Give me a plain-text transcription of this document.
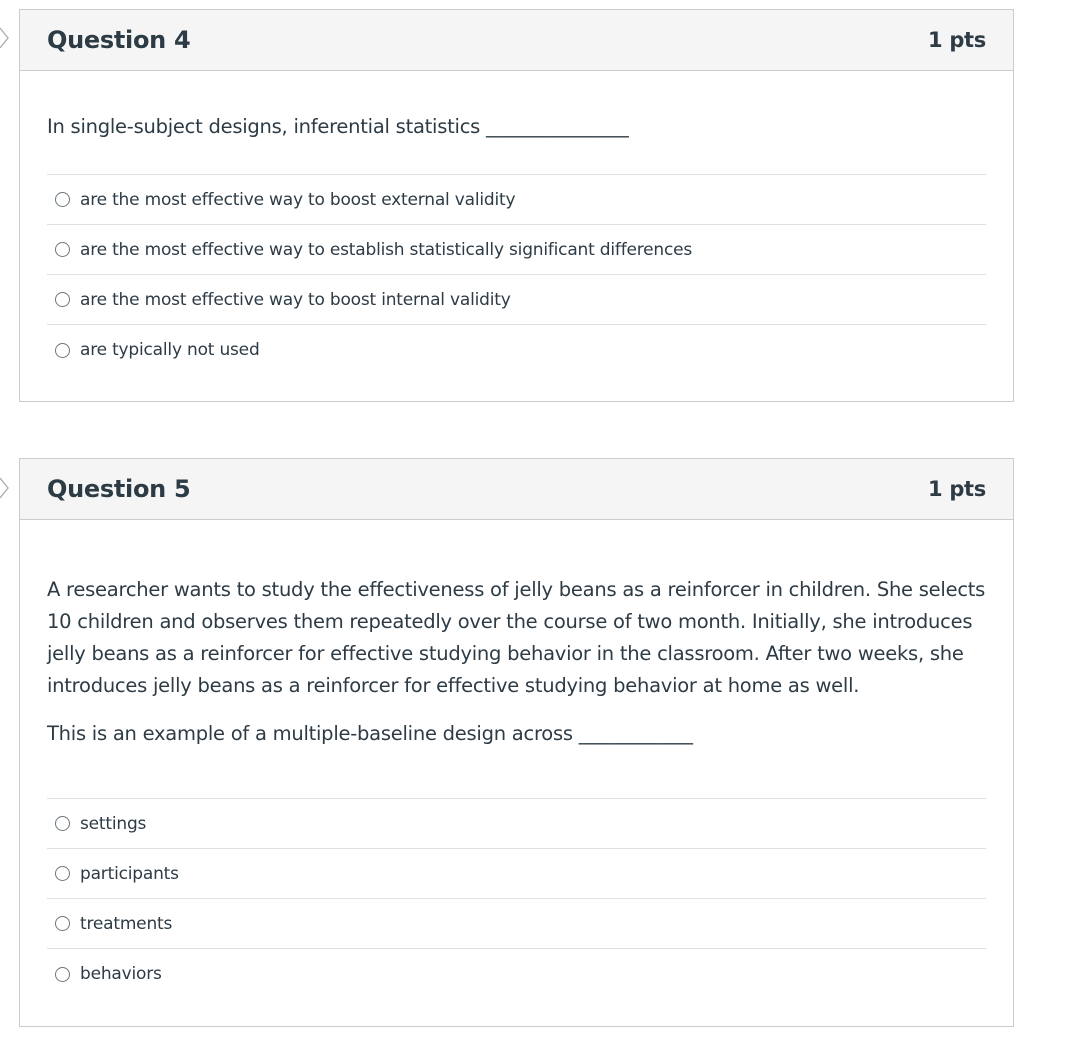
Question 4	1 pts
In single-subject designs, inferential statistics _______________
are the most effective way to boost external validity
are the most effective way to establish statistically significant differences
are the most effective way to boost internal validity
are typically not used
Question 5	1 pts
A researcher wants to study the effectiveness of jelly beans as a reinforcer in children. She selects 10 children and observes them repeatedly over the course of two month. Initially, she introduces jelly beans as a reinforcer for effective studying behavior in the classroom. After two weeks, she introduces jelly beans as a reinforcer for effective studying behavior at home as well.
This is an example of a multiple-baseline design across ____________
settings
participants
treatments
behaviors
